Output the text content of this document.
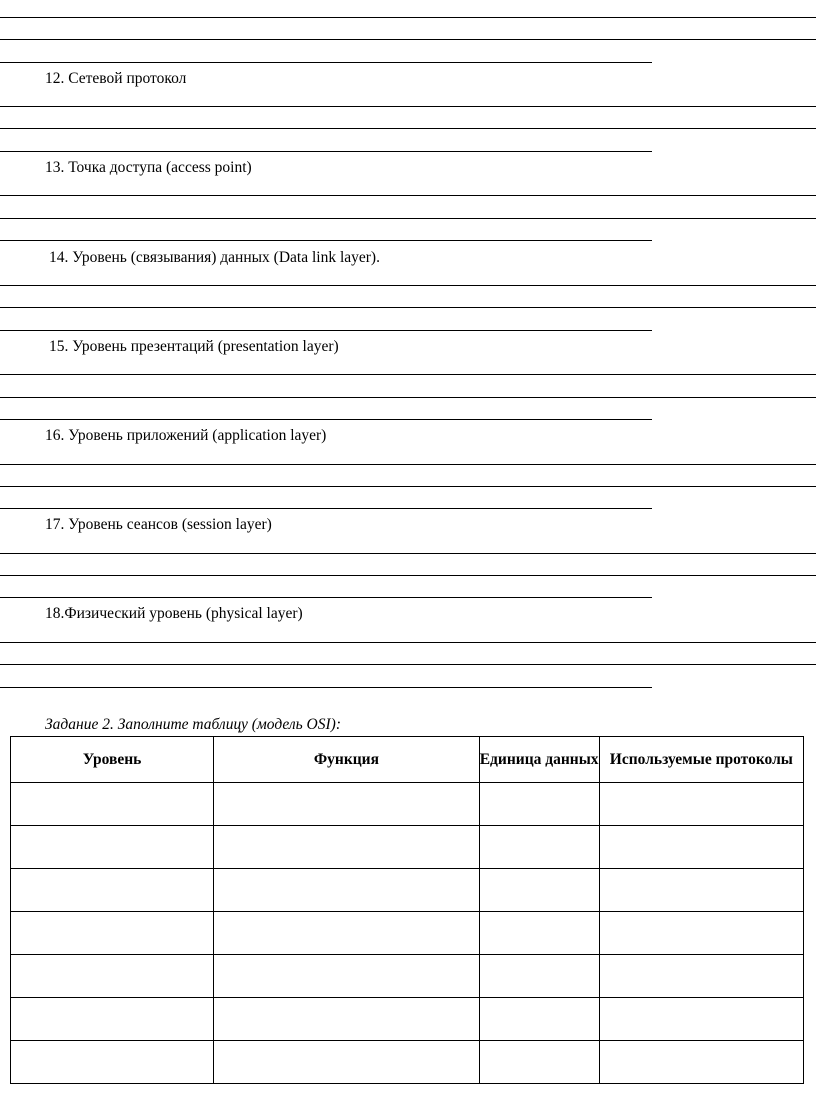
12. Сетевой протокол
13. Точка доступа (access point)
14. Уровень (связывания) данных (Data link layer).
15. Уровень презентаций (presentation layer)
16. Уровень приложений (application layer)
17. Уровень сеансов (session layer)
18.Физический уровень (physical layer)
Задание 2. Заполните таблицу (модель OSI):
Уровень	Функция	Единица данных	Используемые протоколы
